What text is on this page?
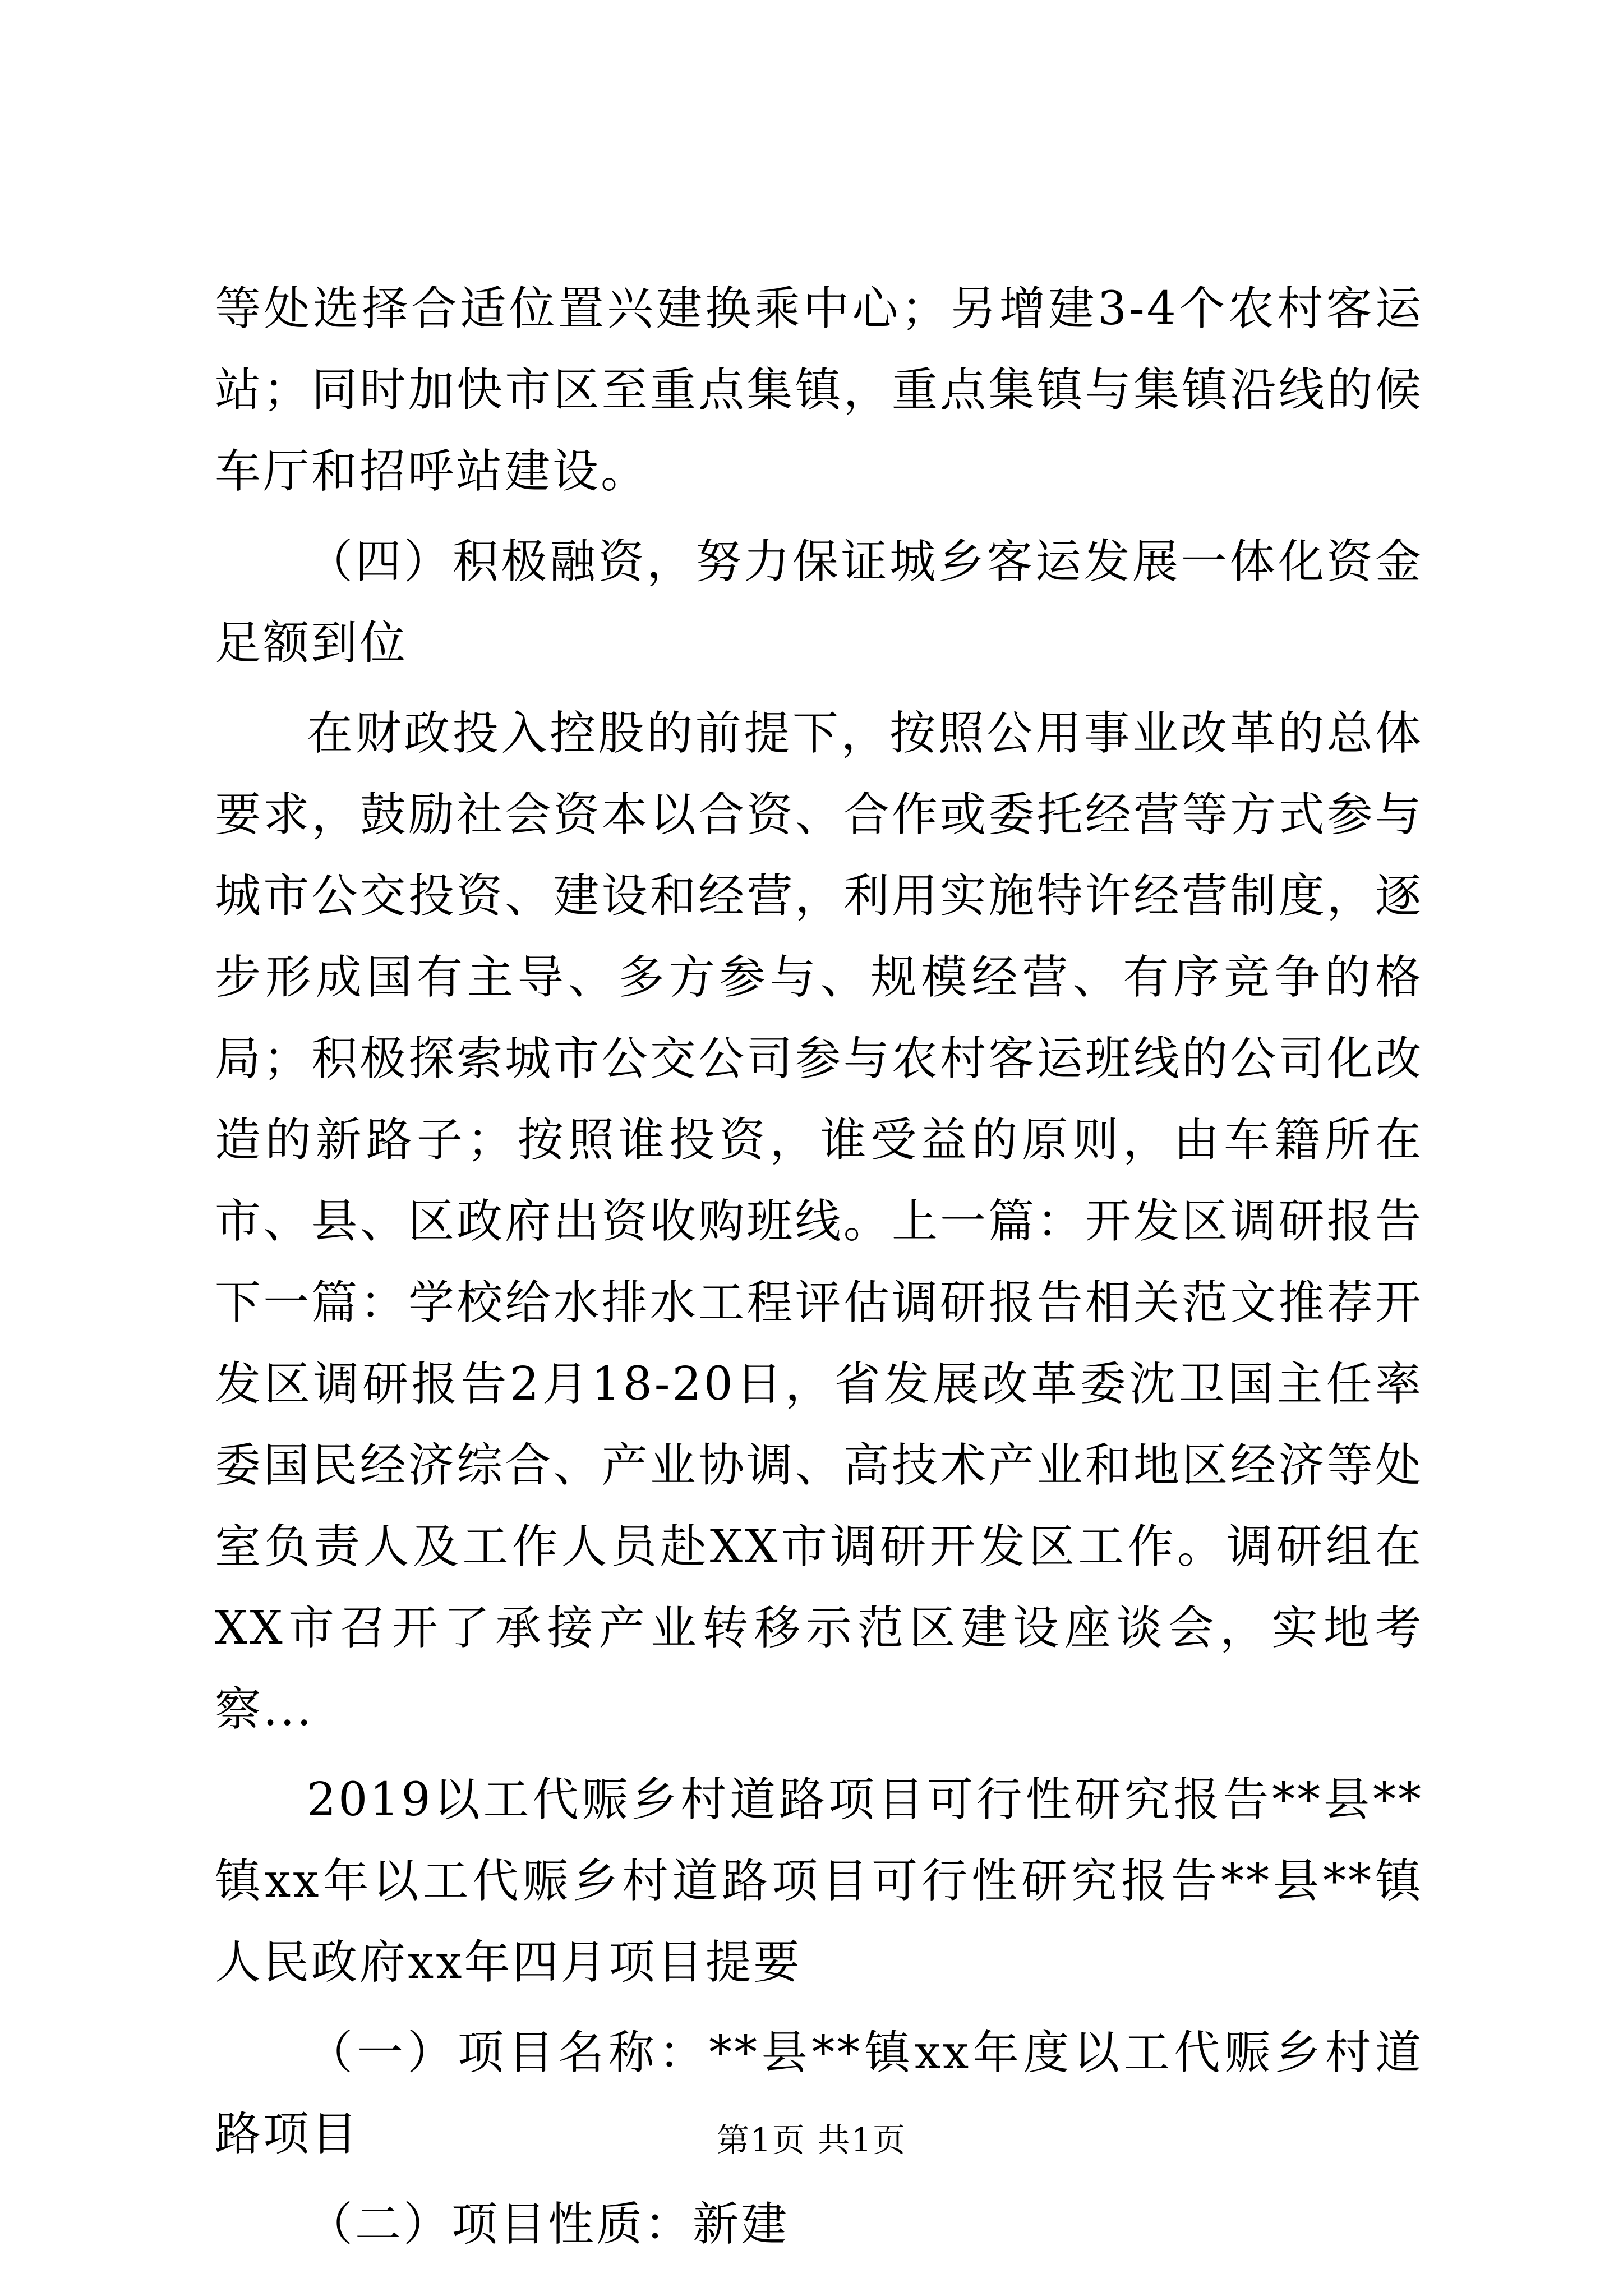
等处选择合适位置兴建换乘中心；另增建3-4个农村客运站；同时加快市区至重点集镇，重点集镇与集镇沿线的候车厅和招呼站建设。

（四）积极融资，努力保证城乡客运发展一体化资金足额到位

在财政投入控股的前提下，按照公用事业改革的总体要求，鼓励社会资本以合资、合作或委托经营等方式参与城市公交投资、建设和经营，利用实施特许经营制度，逐步形成国有主导、多方参与、规模经营、有序竞争的格局；积极探索城市公交公司参与农村客运班线的公司化改造的新路子；按照谁投资，谁受益的原则，由车籍所在市、县、区政府出资收购班线。上一篇：开发区调研报告下一篇：学校给水排水工程评估调研报告相关范文推荐开发区调研报告2月18-20日，省发展改革委沈卫国主任率委国民经济综合、产业协调、高技术产业和地区经济等处室负责人及工作人员赴XX市调研开发区工作。调研组在XX市召开了承接产业转移示范区建设座谈会，实地考察...

2019以工代赈乡村道路项目可行性研究报告**县**镇xx年以工代赈乡村道路项目可行性研究报告**县**镇人民政府xx年四月项目提要

（一）项目名称：**县**镇xx年度以工代赈乡村道路项目

（二）项目性质：新建

第1页 共1页
